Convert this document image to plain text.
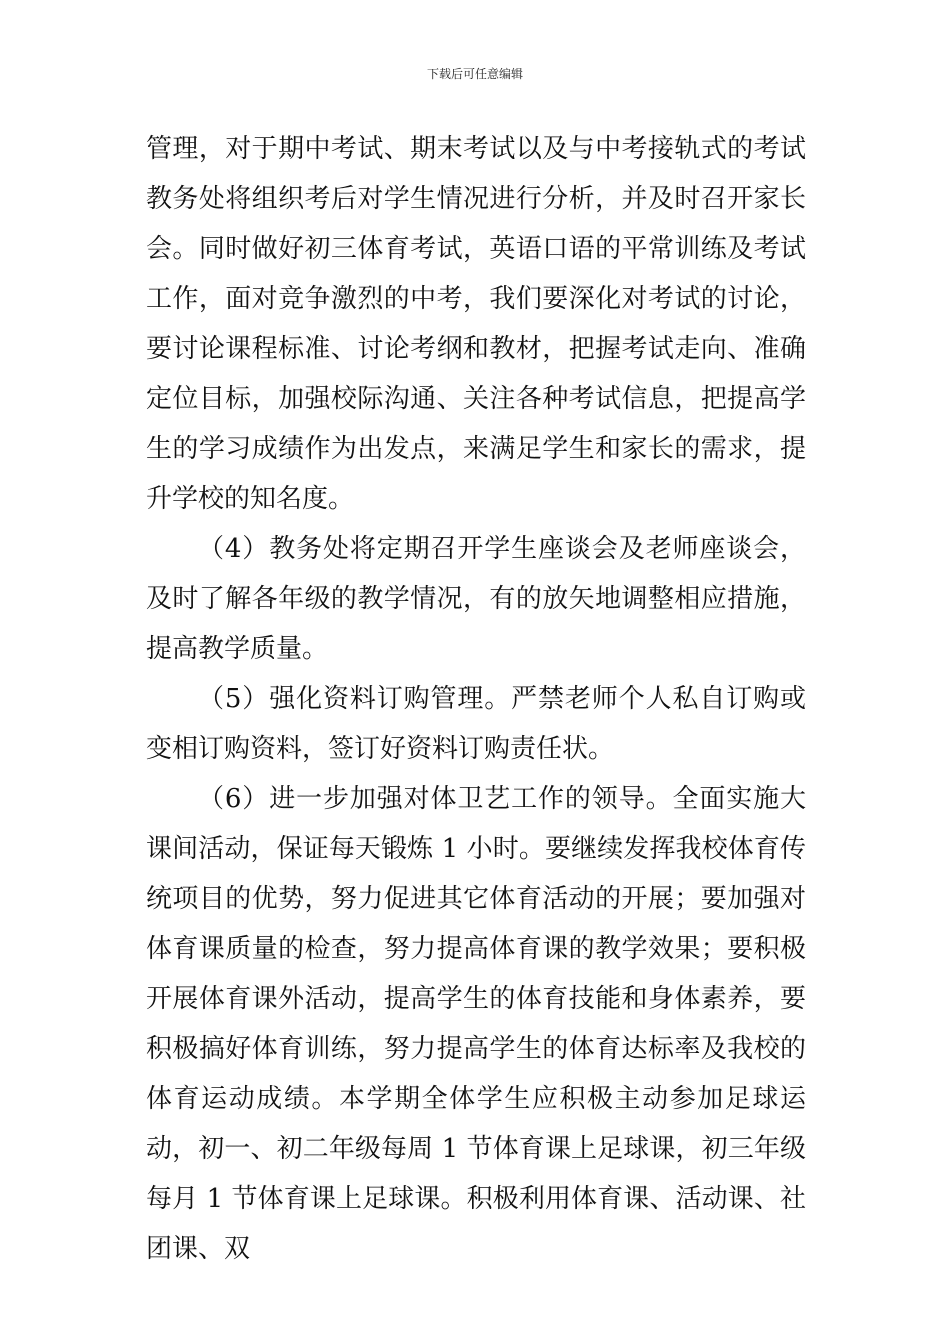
下载后可任意编辑

管理，对于期中考试、期末考试以及与中考接轨式的考试教务处将组织考后对学生情况进行分析，并及时召开家长会。同时做好初三体育考试，英语口语的平常训练及考试工作，面对竞争激烈的中考，我们要深化对考试的讨论，要讨论课程标准、讨论考纲和教材，把握考试走向、准确定位目标，加强校际沟通、关注各种考试信息，把提高学生的学习成绩作为出发点，来满足学生和家长的需求，提升学校的知名度。

（4）教务处将定期召开学生座谈会及老师座谈会，及时了解各年级的教学情况，有的放矢地调整相应措施，提高教学质量。

（5）强化资料订购管理。严禁老师个人私自订购或变相订购资料，签订好资料订购责任状。

（6）进一步加强对体卫艺工作的领导。全面实施大课间活动，保证每天锻炼 1 小时。要继续发挥我校体育传统项目的优势，努力促进其它体育活动的开展；要加强对体育课质量的检查，努力提高体育课的教学效果；要积极开展体育课外活动，提高学生的体育技能和身体素养，要积极搞好体育训练，努力提高学生的体育达标率及我校的体育运动成绩。本学期全体学生应积极主动参加足球运动，初一、初二年级每周 1 节体育课上足球课，初三年级每月 1 节体育课上足球课。积极利用体育课、活动课、社团课、双
